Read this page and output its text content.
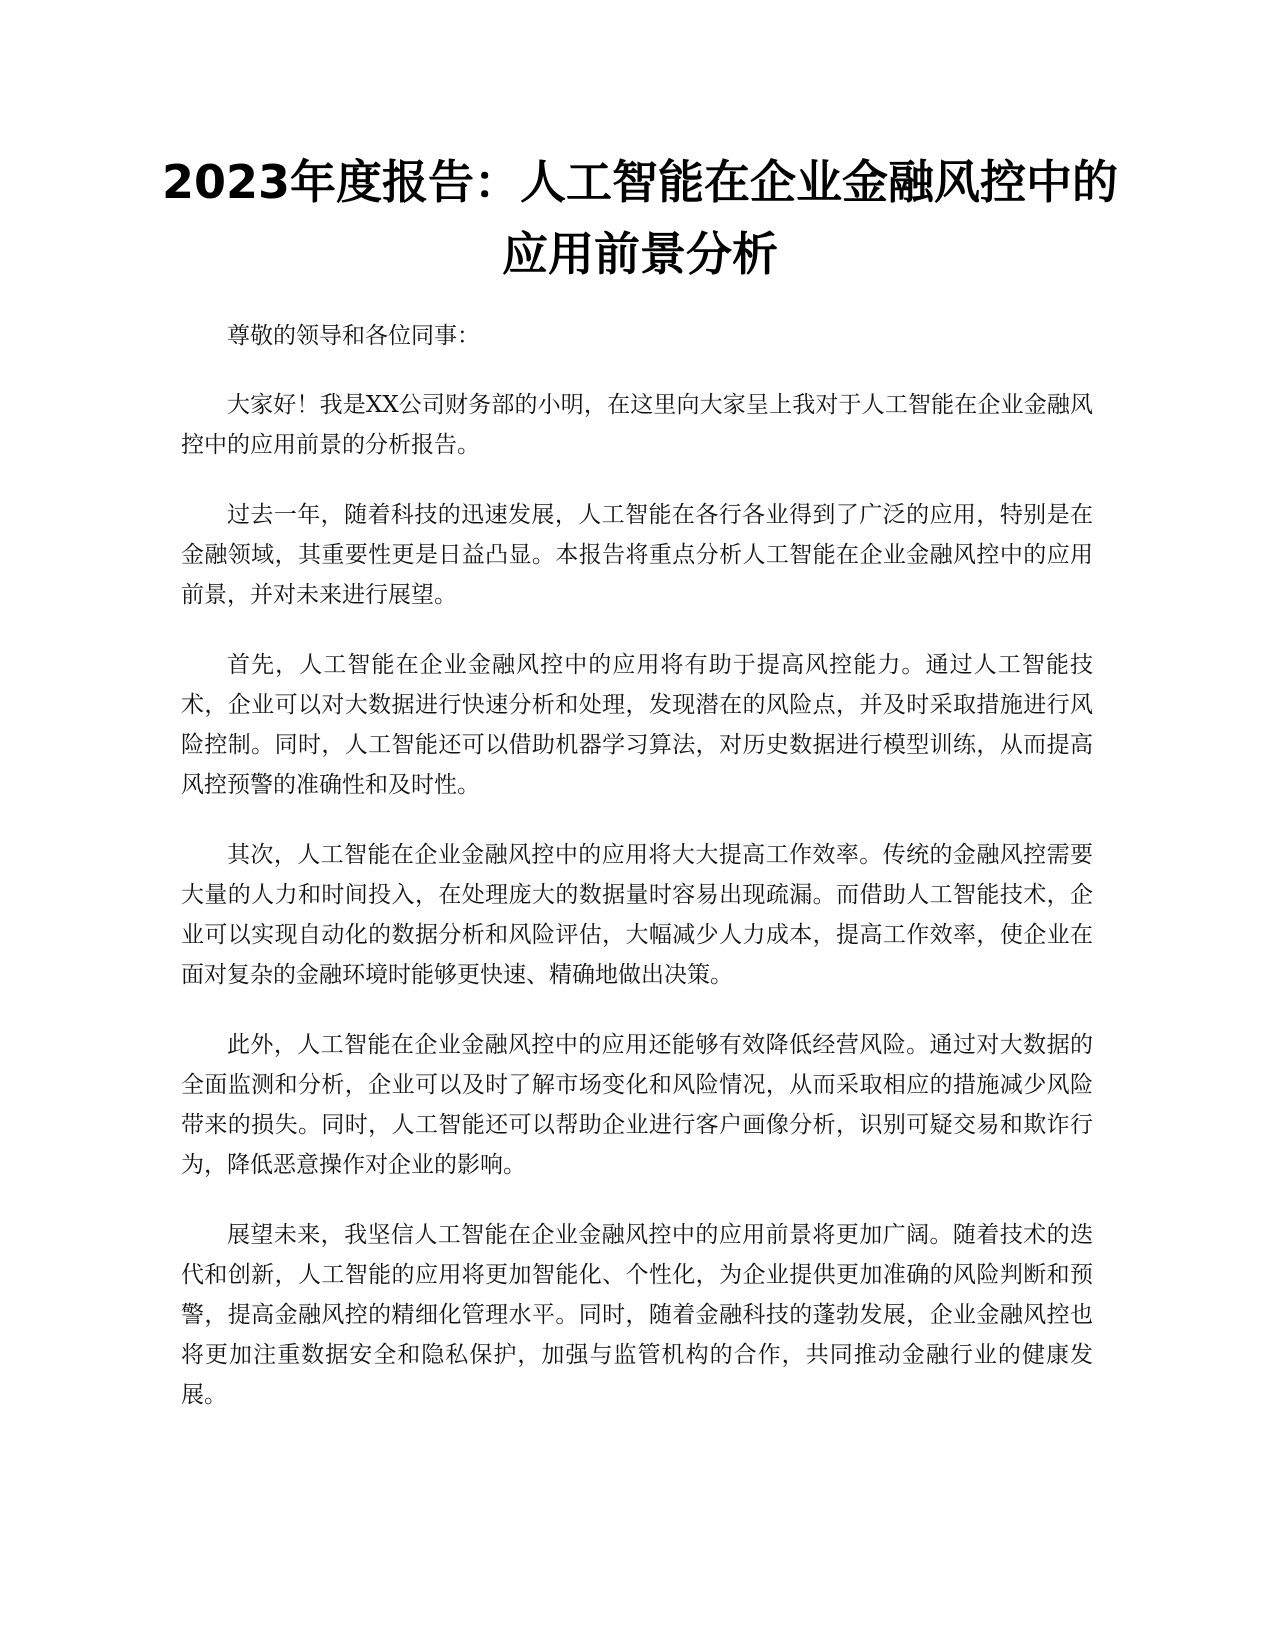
2023年度报告：人工智能在企业金融风控中的应用前景分析

尊敬的领导和各位同事：

大家好！我是XX公司财务部的小明，在这里向大家呈上我对于人工智能在企业金融风控中的应用前景的分析报告。

过去一年，随着科技的迅速发展，人工智能在各行各业得到了广泛的应用，特别是在金融领域，其重要性更是日益凸显。本报告将重点分析人工智能在企业金融风控中的应用前景，并对未来进行展望。

首先，人工智能在企业金融风控中的应用将有助于提高风控能力。通过人工智能技术，企业可以对大数据进行快速分析和处理，发现潜在的风险点，并及时采取措施进行风险控制。同时，人工智能还可以借助机器学习算法，对历史数据进行模型训练，从而提高风控预警的准确性和及时性。

其次，人工智能在企业金融风控中的应用将大大提高工作效率。传统的金融风控需要大量的人力和时间投入，在处理庞大的数据量时容易出现疏漏。而借助人工智能技术，企业可以实现自动化的数据分析和风险评估，大幅减少人力成本，提高工作效率，使企业在面对复杂的金融环境时能够更快速、精确地做出决策。

此外，人工智能在企业金融风控中的应用还能够有效降低经营风险。通过对大数据的全面监测和分析，企业可以及时了解市场变化和风险情况，从而采取相应的措施减少风险带来的损失。同时，人工智能还可以帮助企业进行客户画像分析，识别可疑交易和欺诈行为，降低恶意操作对企业的影响。

展望未来，我坚信人工智能在企业金融风控中的应用前景将更加广阔。随着技术的迭代和创新，人工智能的应用将更加智能化、个性化，为企业提供更加准确的风险判断和预警，提高金融风控的精细化管理水平。同时，随着金融科技的蓬勃发展，企业金融风控也将更加注重数据安全和隐私保护，加强与监管机构的合作，共同推动金融行业的健康发展。
